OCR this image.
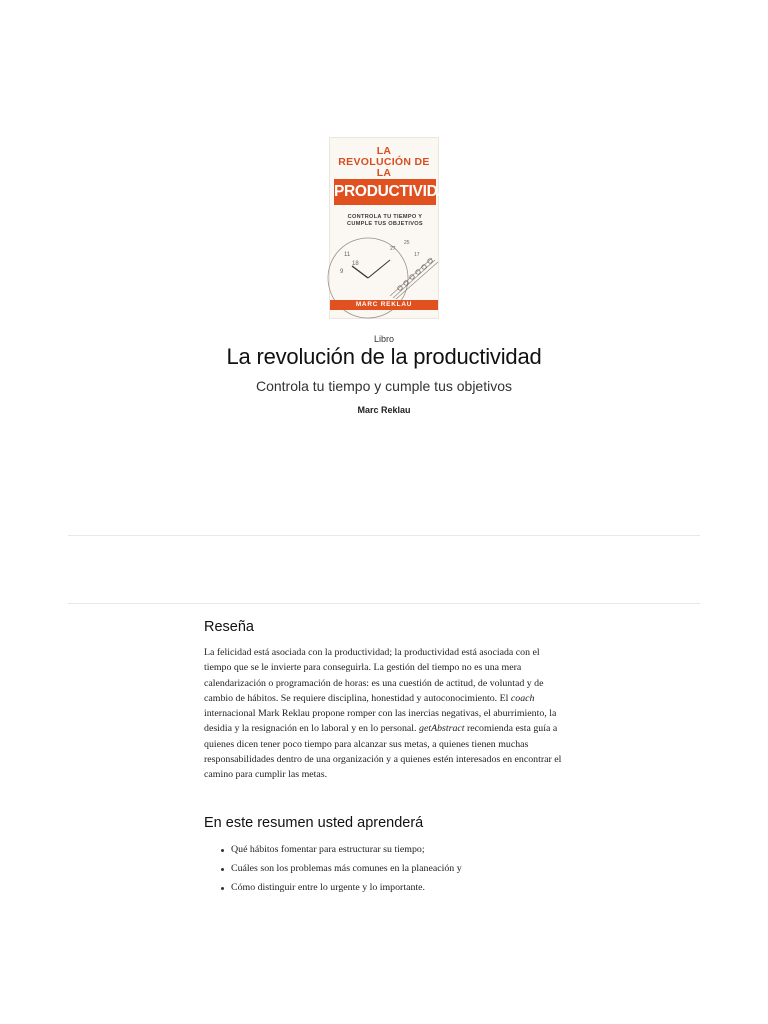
LA
REVOLUCIÓN DE LA
PRODUCTIVIDAD
CONTROLA TU TIEMPO Y
CUMPLE TUS OBJETIVOS
11
18
9
27
25
17
MARC REKLAU
Libro
La revolución de la productividad
Controla tu tiempo y cumple tus objetivos
Marc Reklau
Reseña

La felicidad está asociada con la productividad; la productividad está asociada con el tiempo que se le invierte para conseguirla. La gestión del tiempo no es una mera calendarización o programación de horas: es una cuestión de actitud, de voluntad y de cambio de hábitos. Se requiere disciplina, honestidad y autoconocimiento. El coach internacional Mark Reklau propone romper con las inercias negativas, el aburrimiento, la desidia y la resignación en lo laboral y en lo personal. getAbstract recomienda esta guía a quienes dicen tener poco tiempo para alcanzar sus metas, a quienes tienen muchas responsabilidades dentro de una organización y a quienes estén interesados en encontrar el camino para cumplir las metas.

En este resumen usted aprenderá
Qué hábitos fomentar para estructurar su tiempo;
Cuáles son los problemas más comunes en la planeación y
Cómo distinguir entre lo urgente y lo importante.
